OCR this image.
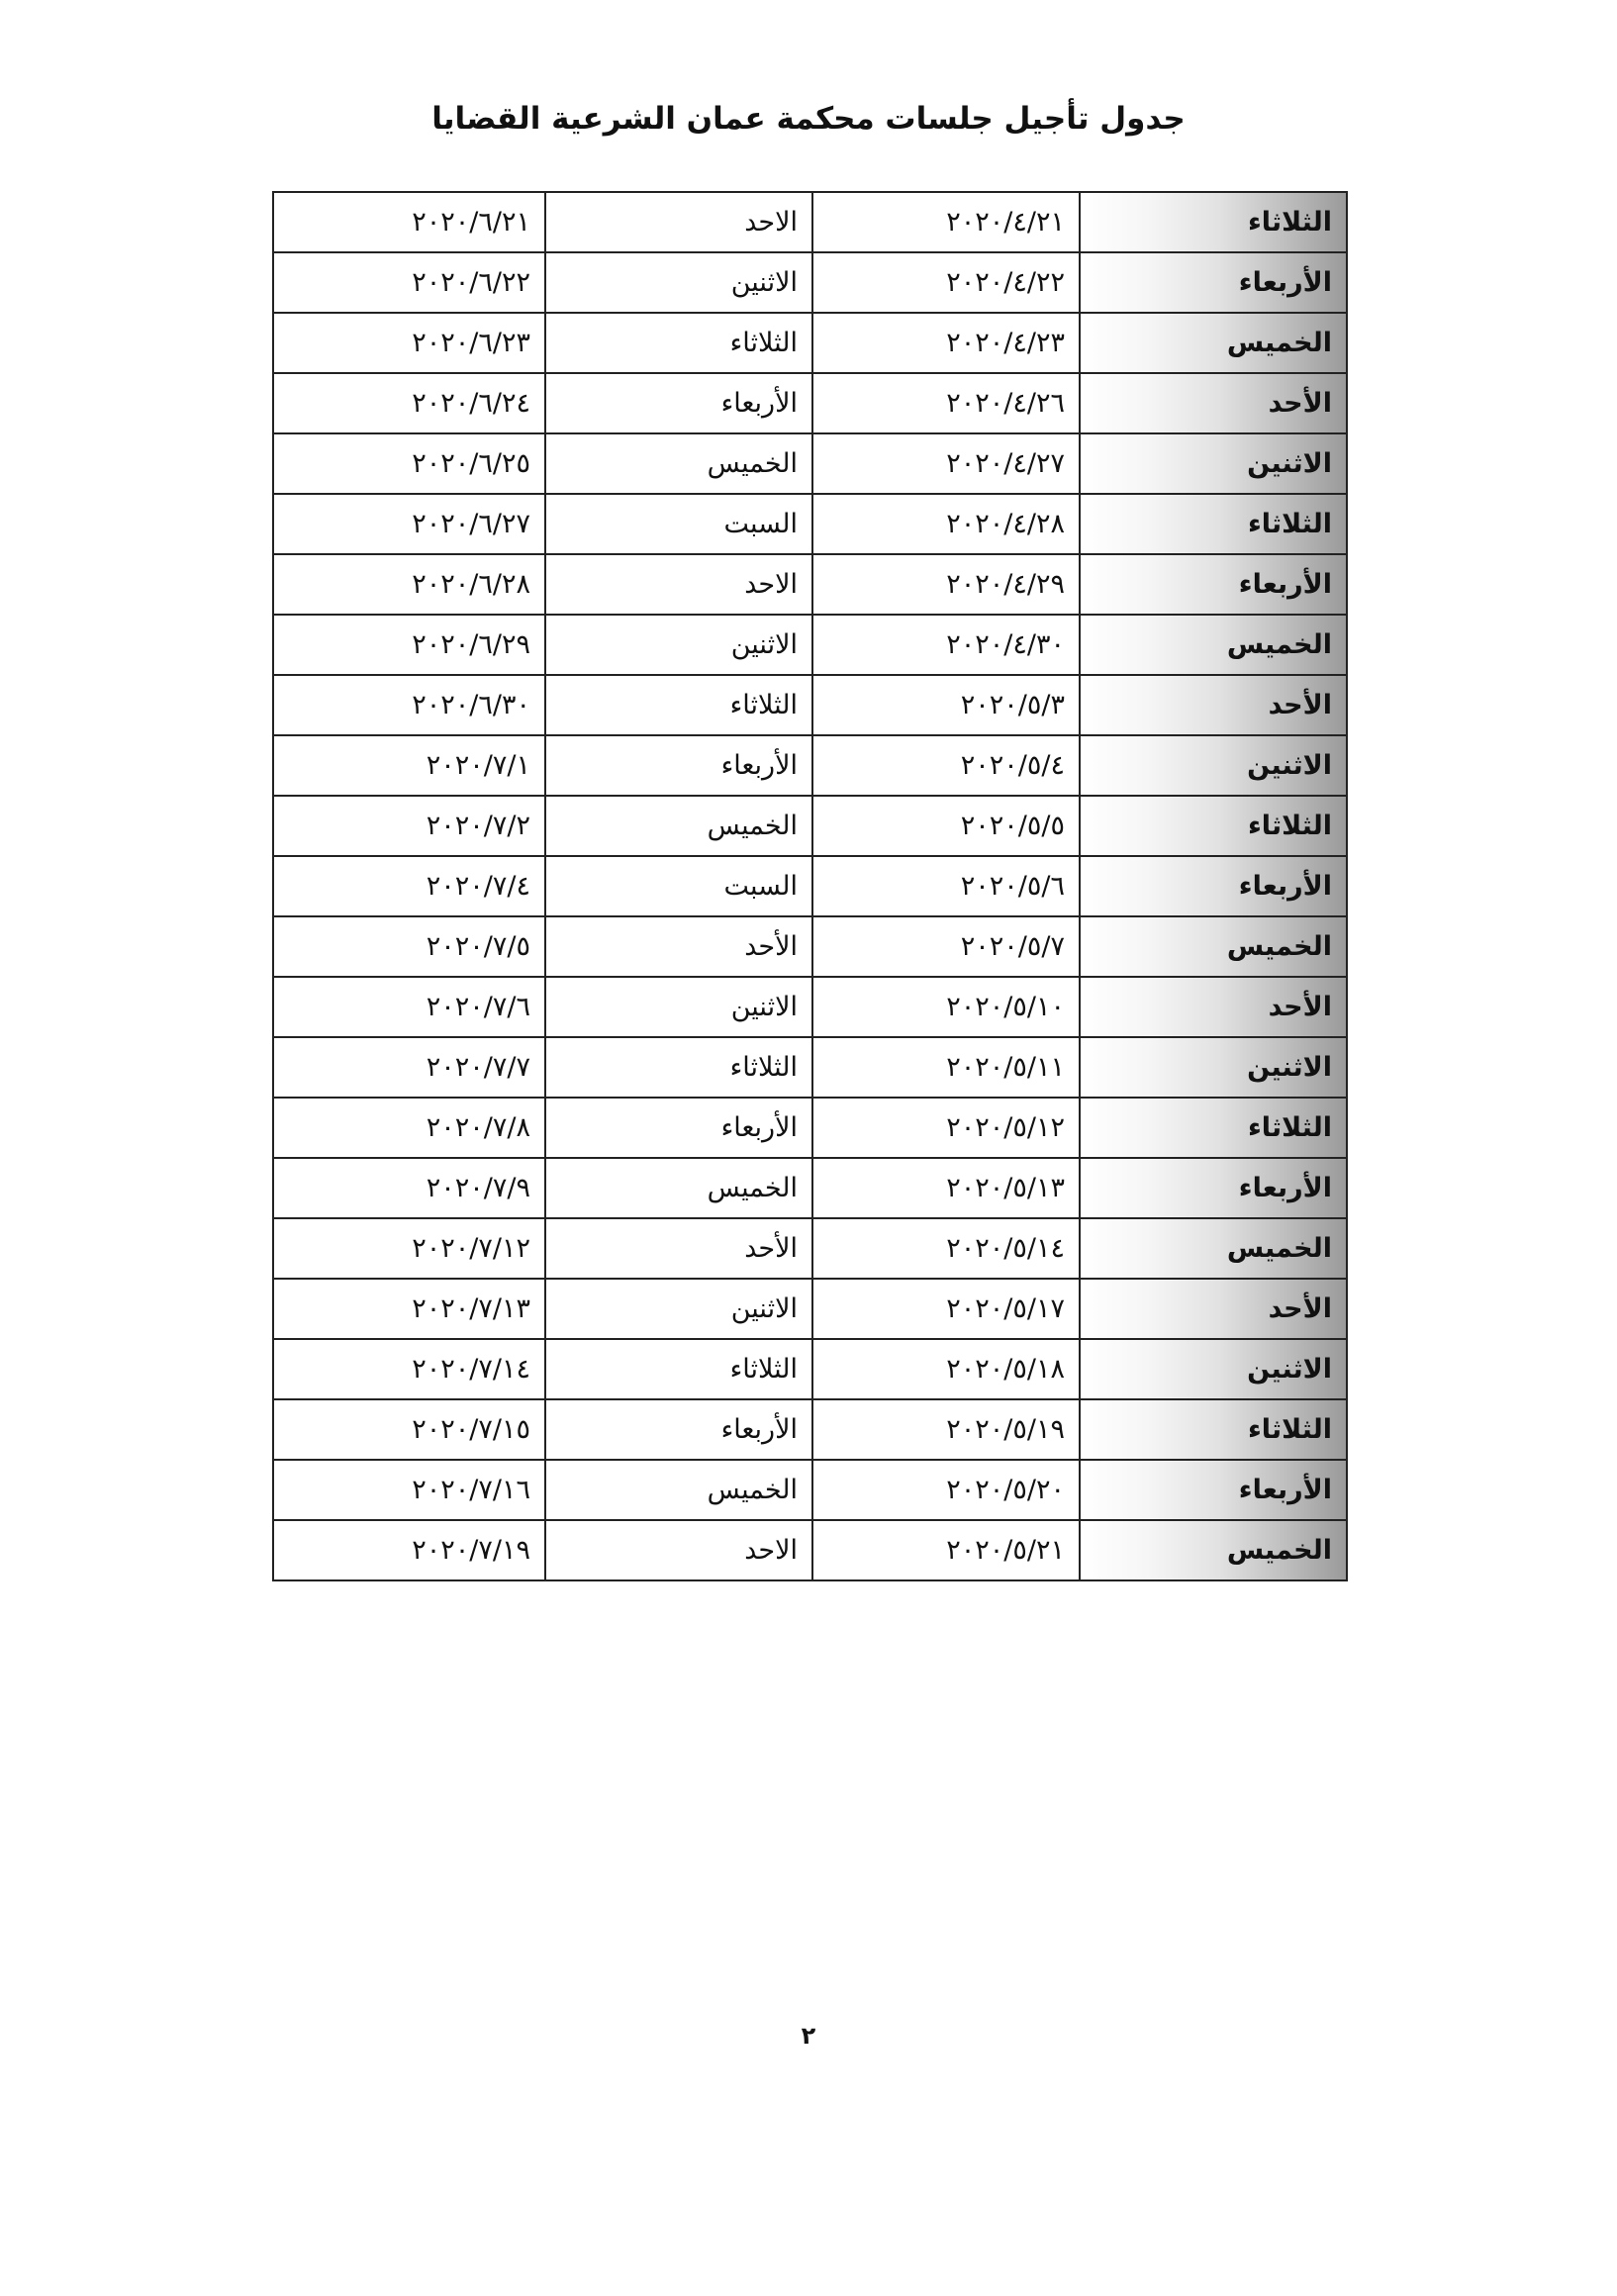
جدول تأجيل جلسات محكمة عمان الشرعية القضايا
الثلاثاء	٢٠٢٠/٤/٢١	الاحد	٢٠٢٠/٦/٢١
الأربعاء	٢٠٢٠/٤/٢٢	الاثنين	٢٠٢٠/٦/٢٢
الخميس	٢٠٢٠/٤/٢٣	الثلاثاء	٢٠٢٠/٦/٢٣
الأحد	٢٠٢٠/٤/٢٦	الأربعاء	٢٠٢٠/٦/٢٤
الاثنين	٢٠٢٠/٤/٢٧	الخميس	٢٠٢٠/٦/٢٥
الثلاثاء	٢٠٢٠/٤/٢٨	السبت	٢٠٢٠/٦/٢٧
الأربعاء	٢٠٢٠/٤/٢٩	الاحد	٢٠٢٠/٦/٢٨
الخميس	٢٠٢٠/٤/٣٠	الاثنين	٢٠٢٠/٦/٢٩
الأحد	٢٠٢٠/٥/٣	الثلاثاء	٢٠٢٠/٦/٣٠
الاثنين	٢٠٢٠/٥/٤	الأربعاء	٢٠٢٠/٧/١
الثلاثاء	٢٠٢٠/٥/٥	الخميس	٢٠٢٠/٧/٢
الأربعاء	٢٠٢٠/٥/٦	السبت	٢٠٢٠/٧/٤
الخميس	٢٠٢٠/٥/٧	الأحد	٢٠٢٠/٧/٥
الأحد	٢٠٢٠/٥/١٠	الاثنين	٢٠٢٠/٧/٦
الاثنين	٢٠٢٠/٥/١١	الثلاثاء	٢٠٢٠/٧/٧
الثلاثاء	٢٠٢٠/٥/١٢	الأربعاء	٢٠٢٠/٧/٨
الأربعاء	٢٠٢٠/٥/١٣	الخميس	٢٠٢٠/٧/٩
الخميس	٢٠٢٠/٥/١٤	الأحد	٢٠٢٠/٧/١٢
الأحد	٢٠٢٠/٥/١٧	الاثنين	٢٠٢٠/٧/١٣
الاثنين	٢٠٢٠/٥/١٨	الثلاثاء	٢٠٢٠/٧/١٤
الثلاثاء	٢٠٢٠/٥/١٩	الأربعاء	٢٠٢٠/٧/١٥
الأربعاء	٢٠٢٠/٥/٢٠	الخميس	٢٠٢٠/٧/١٦
الخميس	٢٠٢٠/٥/٢١	الاحد	٢٠٢٠/٧/١٩
٢
